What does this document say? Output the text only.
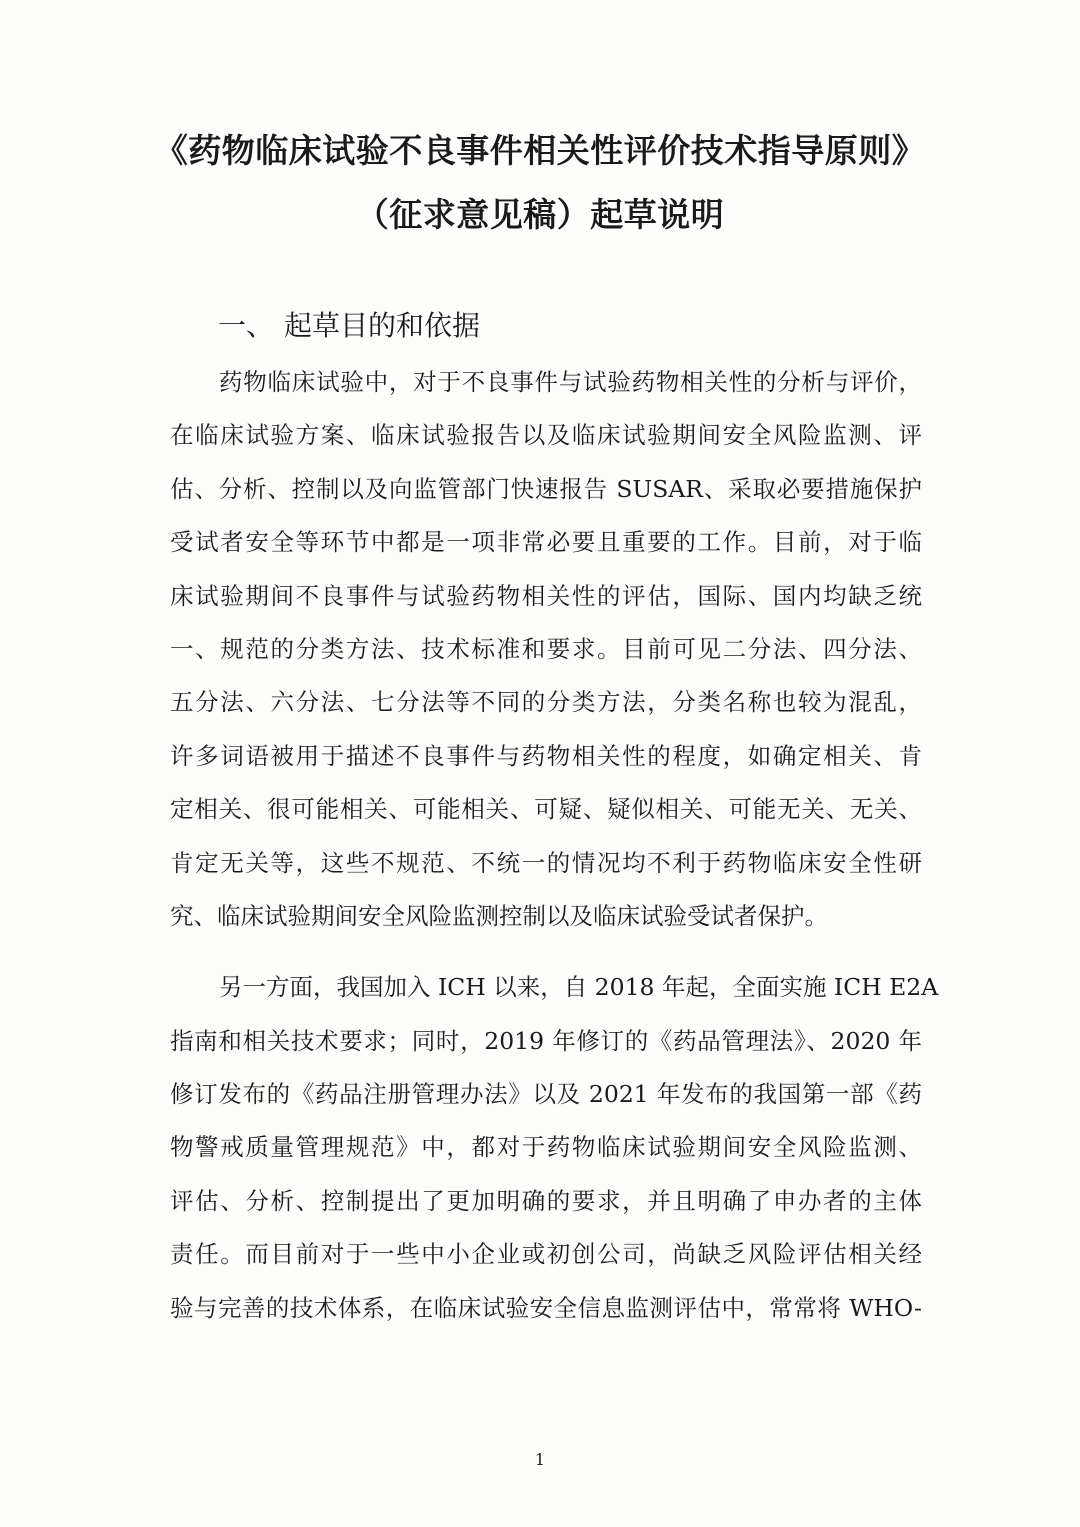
《药物临床试验不良事件相关性评价技术指导原则》
（征求意见稿）起草说明
一、 起草目的和依据
药物临床试验中，对于不良事件与试验药物相关性的分析与评价，
在临床试验方案、临床试验报告以及临床试验期间安全风险监测、评
估、分析、控制以及向监管部门快速报告 SUSAR、采取必要措施保护
受试者安全等环节中都是一项非常必要且重要的工作。目前，对于临
床试验期间不良事件与试验药物相关性的评估，国际、国内均缺乏统
一、规范的分类方法、技术标准和要求。目前可见二分法、四分法、
五分法、六分法、七分法等不同的分类方法，分类名称也较为混乱，
许多词语被用于描述不良事件与药物相关性的程度，如确定相关、肯
定相关、很可能相关、可能相关、可疑、疑似相关、可能无关、无关、
肯定无关等，这些不规范、不统一的情况均不利于药物临床安全性研
究、临床试验期间安全风险监测控制以及临床试验受试者保护。
另一方面，我国加入 ICH 以来，自 2018 年起，全面实施 ICH E2A
指南和相关技术要求；同时，2019 年修订的《药品管理法》、2020 年
修订发布的《药品注册管理办法》以及 2021 年发布的我国第一部《药
物警戒质量管理规范》中，都对于药物临床试验期间安全风险监测、
评估、分析、控制提出了更加明确的要求，并且明确了申办者的主体
责任。而目前对于一些中小企业或初创公司，尚缺乏风险评估相关经
验与完善的技术体系，在临床试验安全信息监测评估中，常常将 WHO-
1
